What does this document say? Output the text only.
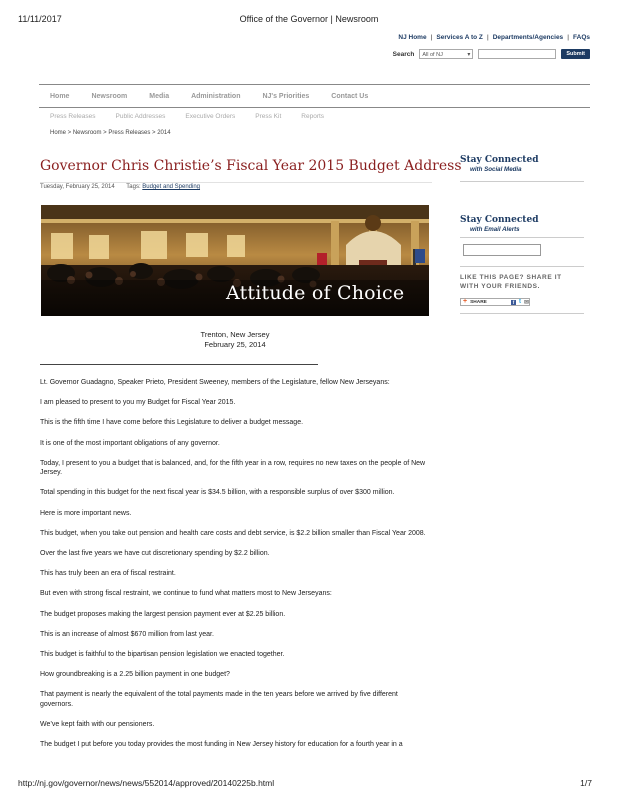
11/11/2017	Office of the Governor | Newsroom
http://nj.gov/governor/news/news/552014/approved/20140225b.html	1/7
NJ Home | Services A to Z | Departments/Agencies | FAQs
Search	All of NJ ▾	Submit
Home	Newsroom	Media	Administration	NJ's Priorities	Contact Us
Press Releases	Public Addresses	Executive Orders	Press Kit	Reports
Home > Newsroom > Press Releases > 2014
Governor Chris Christie’s Fiscal Year 2015 Budget Address
Tuesday, February 25, 2014 Tags: Budget and Spending
Attitude of Choice
Trenton, New Jersey
February 25, 2014

Lt. Governor Guadagno, Speaker Prieto, President Sweeney, members of the Legislature, fellow New Jerseyans:

I am pleased to present to you my Budget for Fiscal Year 2015.

This is the fifth time I have come before this Legislature to deliver a budget message.

It is one of the most important obligations of any governor.

Today, I present to you a budget that is balanced, and, for the fifth year in a row, requires no new taxes on the people of New Jersey.

Total spending in this budget for the next fiscal year is $34.5 billion, with a responsible surplus of over $300 million.

Here is more important news.

This budget, when you take out pension and health care costs and debt service, is $2.2 billion smaller than Fiscal Year 2008.

Over the last five years we have cut discretionary spending by $2.2 billion.

This has truly been an era of fiscal restraint.

But even with strong fiscal restraint, we continue to fund what matters most to New Jerseyans:

The budget proposes making the largest pension payment ever at $2.25 billion.

This is an increase of almost $670 million from last year.

This budget is faithful to the bipartisan pension legislation we enacted together.

How groundbreaking is a 2.25 billion payment in one budget?

That payment is nearly the equivalent of the total payments made in the ten years before we arrived by five different governors.

We’ve kept faith with our pensioners.

The budget I put before you today provides the most funding in New Jersey history for education for a fourth year in a

Stay Connected
with Social Media
Stay Connected
with Email Alerts
LIKE THIS PAGE? SHARE IT
WITH YOUR FRIENDS.
+ SHARE	f t ✉
